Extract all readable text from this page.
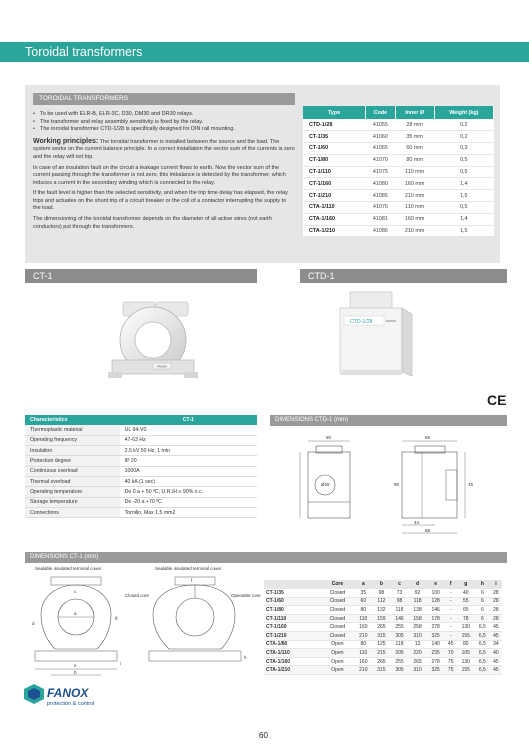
Toroidal transformers
TOROIDAL TRANSFORMERS
• To be used with ELR-B, ELR-3C, D30, DM30 and DR30 relays.
• The transformer and relay assembly sensitivity is fixed by the relay.
• The toroidal transformer CTD-1/28 is specifically designed for DIN rail mounting.

Working principles: The toroidal transformer is installed between the source and the load. The system works on the current balance principle. In a correct installation the vector sum of the currents is zero and the relay will not trip.

In case of an insulation fault on the circuit a leakage current flows to earth. Now the vector sum of the current passing through the transformer is not zero, this imbalance is detected by the transformer, which induces a current in the secondary winding which is connected to the relay.

If the fault level is higher than the selected sensitivity, and when the trip time delay has elapsed, the relay trips and actuates on the shunt trip of a circuit breaker or the coil of a contactor interrupting the supply to the load.

The dimensioning of the toroidal transformer depends on the diameter of all active wires (not earth conductors) put through the transformers.

Type	Code	Inner Ø	Weight (kg)
CTD-1/28	41055	28 mm	0,2
CT-1/35	41060	35 mm	0,2
CT-1/60	41065	60 mm	0,3
CT-1/80	41070	80 mm	0,5
CT-1/110	41075	110 mm	0,5
CT-1/160	41080	160 mm	1,4
CT-1/210	41085	210 mm	1,5
CTA-1/110	41076	110 mm	0,5
CTA-1/160	41081	160 mm	1,4
CTA-1/210	41086	210 mm	1,5
CT-1	CTD-1
FANOX
CTD-1/28	FANOX
CE
Characteristics	CT-1
Thermoplastic material	UL 94-V0
Operating frequency	47-63 Hz
Insulation	2,5 kV 50 Hz, 1 min
Protection degree	IP 20
Continuous overload	1000A
Thermal overload	40 kA (1 sec)
Operating temperature	De 0 a + 50 ºC, U.R./H ≤ 90% n.c.
Storage temperature	De -20 a +70 ºC
Connections	Tornillo, Max 1,5 mm2
DIMENSIONS CTD-1 (mm)
Ø28
50
90
65
45
44
58
DIMENSIONS CT-1 (mm)
Sealable insulated terminal cover	Sealable insulated terminal cover
a
c
d
g
e
b
i
Closed core	Openable core
f
h
	Core	a	b	c	d	e	f	g	h	i
CT-1/35	Closed	35	98	73	92	100	-	40	6	28
CT-1/60	Closed	60	112	98	118	128	-	55	6	28
CT-1/80	Closed	80	132	118	138	146	-	65	6	28
CT-1/110	Closed	110	159	146	158	178	-	78	6	28
CT-1/160	Closed	160	265	255	258	278	-	130	6,5	45
CT-1/210	Closed	210	315	305	310	325	-	155	6,5	45
CTA-1/80	Open	80	125	118	13	140	45	80	6,5	34
CTA-1/110	Open	110	215	205	220	235	70	105	6,5	40
CTA-1/160	Open	160	265	255	265	278	75	130	6,5	45
CTA-1/210	Open	210	315	305	310	325	75	155	6,5	45
FANOX
protection & control
60
